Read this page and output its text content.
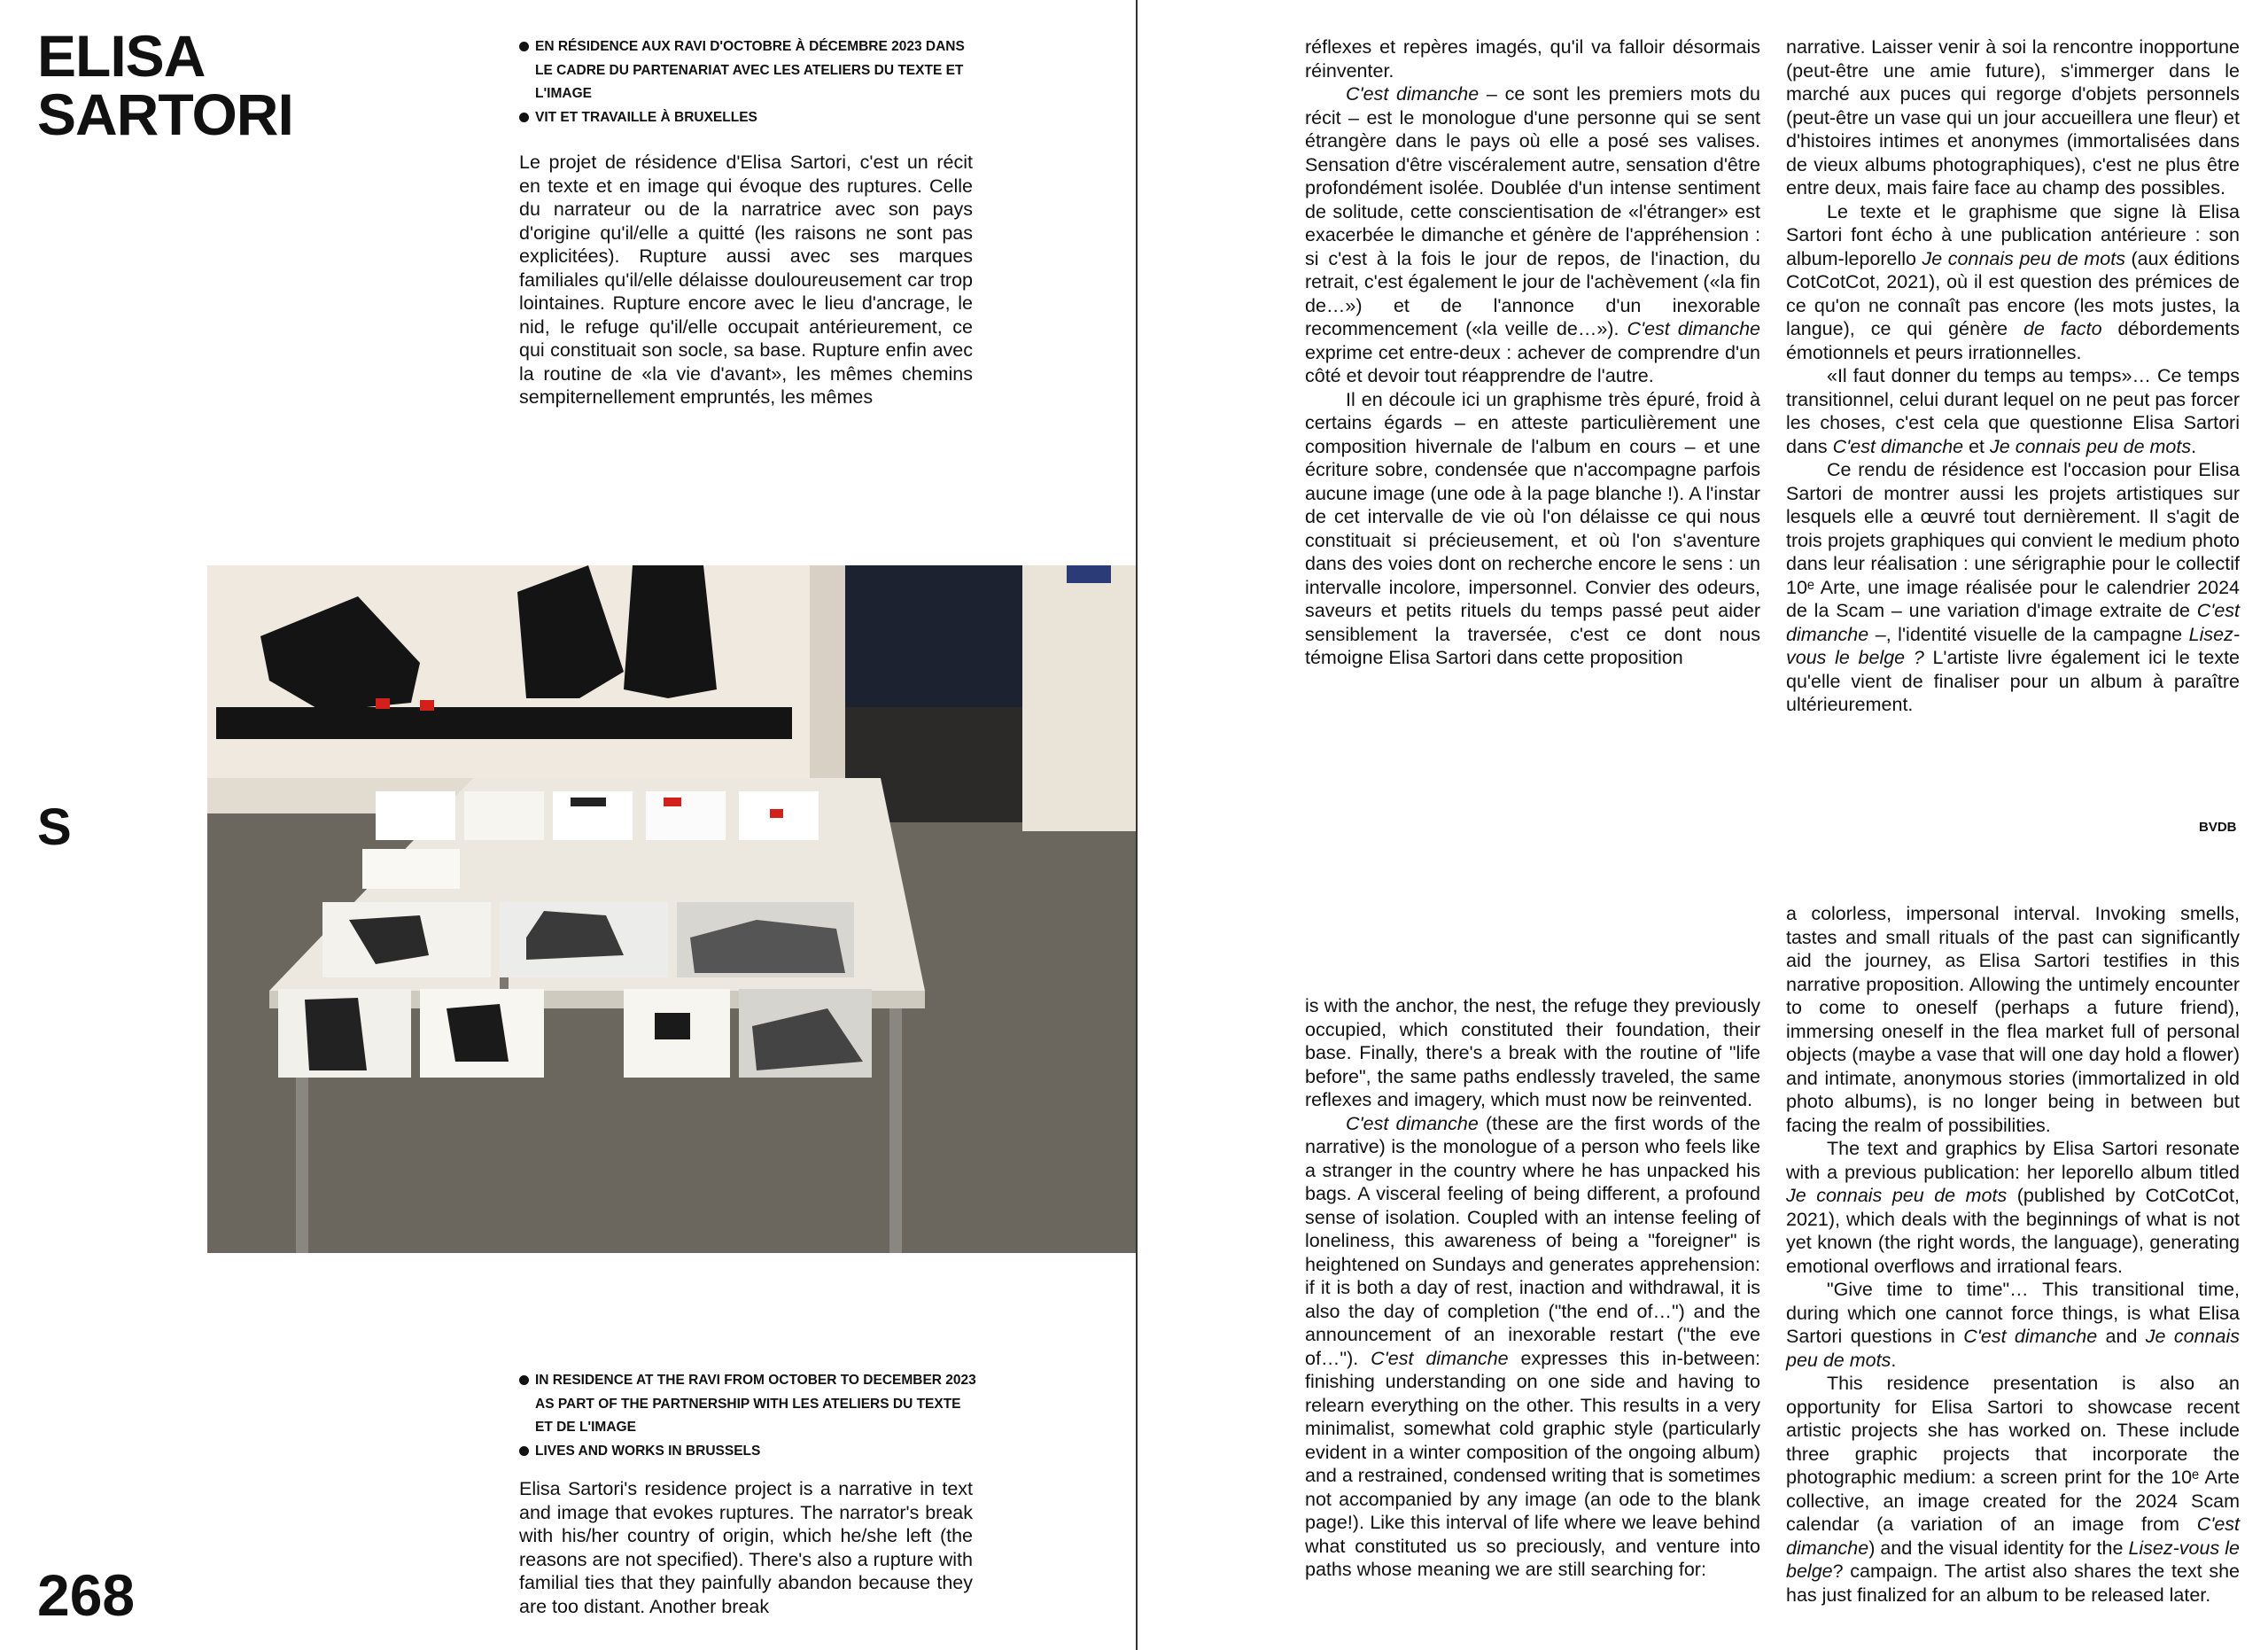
ELISA
SARTORI
EN RÉSIDENCE AUX RAVI D'OCTOBRE À DÉCEMBRE 2023 DANS LE CADRE DU PARTENARIAT AVEC LES ATELIERS DU TEXTE ET L'IMAGE
VIT ET TRAVAILLE À BRUXELLES

Le projet de résidence d'Elisa Sartori, c'est un récit en texte et en image qui évoque des ruptures. Celle du narrateur ou de la narratrice avec son pays d'origine qu'il/elle a quitté (les raisons ne sont pas explicitées). Rupture aussi avec ses marques familiales qu'il/elle délaisse douloureusement car trop lointaines. Rupture encore avec le lieu d'ancrage, le nid, le refuge qu'il/elle occupait antérieurement, ce qui constituait son socle, sa base. Rupture enfin avec la routine de «la vie d'avant», les mêmes chemins sempiternellement empruntés, les mêmes

S
IN RESIDENCE AT THE RAVI FROM OCTOBER TO DECEMBER 2023 AS PART OF THE PARTNERSHIP WITH LES ATELIERS DU TEXTE ET DE L'IMAGE
LIVES AND WORKS IN BRUSSELS

Elisa Sartori's residence project is a narrative in text and image that evokes ruptures. The narrator's break with his/her country of origin, which he/she left (the reasons are not specified). There's also a rupture with familial ties that they painfully abandon because they are too distant. Another break

268

réflexes et repères imagés, qu'il va falloir désormais réinventer.

C'est dimanche – ce sont les premiers mots du récit – est le monologue d'une personne qui se sent étrangère dans le pays où elle a posé ses valises. Sensation d'être viscéralement autre, sensation d'être profondément isolée. Doublée d'un intense sentiment de solitude, cette conscientisation de «l'étranger» est exacerbée le dimanche et génère de l'appréhension : si c'est à la fois le jour de repos, de l'inaction, du retrait, c'est également le jour de l'achèvement («la fin de…») et de l'annonce d'un inexorable recommencement («la veille de…»). C'est dimanche exprime cet entre-deux : achever de comprendre d'un côté et devoir tout réapprendre de l'autre.

Il en découle ici un graphisme très épuré, froid à certains égards – en atteste particulièrement une composition hivernale de l'album en cours – et une écriture sobre, condensée que n'accompagne parfois aucune image (une ode à la page blanche !). A l'instar de cet intervalle de vie où l'on délaisse ce qui nous constituait si précieusement, et où l'on s'aventure dans des voies dont on recherche encore le sens : un intervalle incolore, impersonnel. Convier des odeurs, saveurs et petits rituels du temps passé peut aider sensiblement la traversée, c'est ce dont nous témoigne Elisa Sartori dans cette proposition

narrative. Laisser venir à soi la rencontre inopportune (peut-être une amie future), s'immerger dans le marché aux puces qui regorge d'objets personnels (peut-être un vase qui un jour accueillera une fleur) et d'histoires intimes et anonymes (immortalisées dans de vieux albums photographiques), c'est ne plus être entre deux, mais faire face au champ des possibles.

Le texte et le graphisme que signe là Elisa Sartori font écho à une publication antérieure : son album-leporello Je connais peu de mots (aux éditions CotCotCot, 2021), où il est question des prémices de ce qu'on ne connaît pas encore (les mots justes, la langue), ce qui génère de facto débordements émotionnels et peurs irrationnelles.

«Il faut donner du temps au temps»… Ce temps transitionnel, celui durant lequel on ne peut pas forcer les choses, c'est cela que questionne Elisa Sartori dans C'est dimanche et Je connais peu de mots.

Ce rendu de résidence est l'occasion pour Elisa Sartori de montrer aussi les projets artistiques sur lesquels elle a œuvré tout dernièrement. Il s'agit de trois projets graphiques qui convient le medium photo dans leur réalisation : une sérigraphie pour le collectif 10ᵉ Arte, une image réalisée pour le calendrier 2024 de la Scam – une variation d'image extraite de C'est dimanche –, l'identité visuelle de la campagne Lisez-vous le belge ? L'artiste livre également ici le texte qu'elle vient de finaliser pour un album à paraître ultérieurement.

BVDB

is with the anchor, the nest, the refuge they previously occupied, which constituted their foundation, their base. Finally, there's a break with the routine of "life before", the same paths endlessly traveled, the same reflexes and imagery, which must now be reinvented.

C'est dimanche (these are the first words of the narrative) is the monologue of a person who feels like a stranger in the country where he has unpacked his bags. A visceral feeling of being different, a profound sense of isolation. Coupled with an intense feeling of loneliness, this awareness of being a "foreigner" is heightened on Sundays and generates apprehension: if it is both a day of rest, inaction and withdrawal, it is also the day of completion ("the end of…") and the announcement of an inexorable restart ("the eve of…"). C'est dimanche expresses this in-between: finishing understanding on one side and having to relearn everything on the other. This results in a very minimalist, somewhat cold graphic style (particularly evident in a winter composition of the ongoing album) and a restrained, condensed writing that is sometimes not accompanied by any image (an ode to the blank page!). Like this interval of life where we leave behind what constituted us so preciously, and venture into paths whose meaning we are still searching for:

a colorless, impersonal interval. Invoking smells, tastes and small rituals of the past can significantly aid the journey, as Elisa Sartori testifies in this narrative proposition. Allowing the untimely encounter to come to oneself (perhaps a future friend), immersing oneself in the flea market full of personal objects (maybe a vase that will one day hold a flower) and intimate, anonymous stories (immortalized in old photo albums), is no longer being in between but facing the realm of possibilities.

The text and graphics by Elisa Sartori resonate with a previous publication: her leporello album titled Je connais peu de mots (published by CotCotCot, 2021), which deals with the beginnings of what is not yet known (the right words, the language), generating emotional overflows and irrational fears.

"Give time to time"… This transitional time, during which one cannot force things, is what Elisa Sartori questions in C'est dimanche and Je connais peu de mots.

This residence presentation is also an opportunity for Elisa Sartori to showcase recent artistic projects she has worked on. These include three graphic projects that incorporate the photographic medium: a screen print for the 10ᵉ Arte collective, an image created for the 2024 Scam calendar (a variation of an image from C'est dimanche) and the visual identity for the Lisez-vous le belge? campaign. The artist also shares the text she has just finalized for an album to be released later.
